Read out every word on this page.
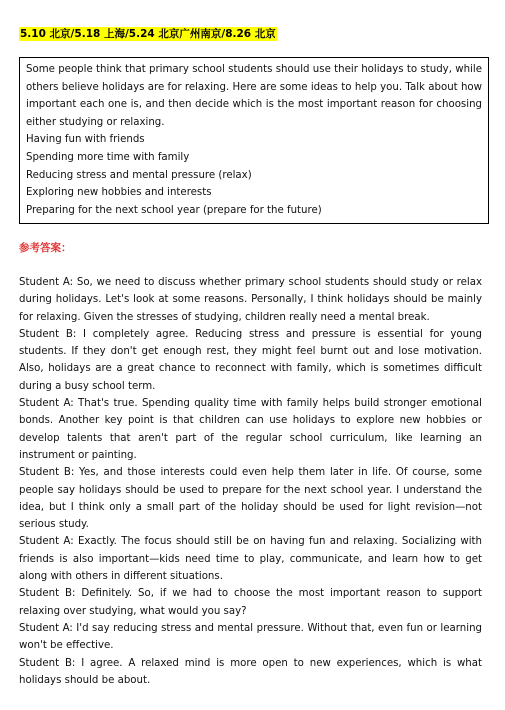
5.10 北京/5.18 上海/5.24 北京广州南京/8.26 北京

Some people think that primary school students should use their holidays to study, while others believe holidays are for relaxing. Here are some ideas to help you. Talk about how important each one is, and then decide which is the most important reason for choosing either studying or relaxing.

Having fun with friends

Spending more time with family

Reducing stress and mental pressure (relax)

Exploring new hobbies and interests

Preparing for the next school year (prepare for the future)

参考答案：

Student A: So, we need to discuss whether primary school students should study or relax during holidays. Let's look at some reasons. Personally, I think holidays should be mainly for relaxing. Given the stresses of studying, children really need a mental break.

Student B: I completely agree. Reducing stress and pressure is essential for young students. If they don't get enough rest, they might feel burnt out and lose motivation. Also, holidays are a great chance to reconnect with family, which is sometimes difficult during a busy school term.

Student A: That's true. Spending quality time with family helps build stronger emotional bonds. Another key point is that children can use holidays to explore new hobbies or develop talents that aren't part of the regular school curriculum, like learning an instrument or painting.

Student B: Yes, and those interests could even help them later in life. Of course, some people say holidays should be used to prepare for the next school year. I understand the idea, but I think only a small part of the holiday should be used for light revision—not serious study.

Student A: Exactly. The focus should still be on having fun and relaxing. Socializing with friends is also important—kids need time to play, communicate, and learn how to get along with others in different situations.

Student B: Definitely. So, if we had to choose the most important reason to support relaxing over studying, what would you say?

Student A: I'd say reducing stress and mental pressure. Without that, even fun or learning won't be effective.

Student B: I agree. A relaxed mind is more open to new experiences, which is what holidays should be about.
